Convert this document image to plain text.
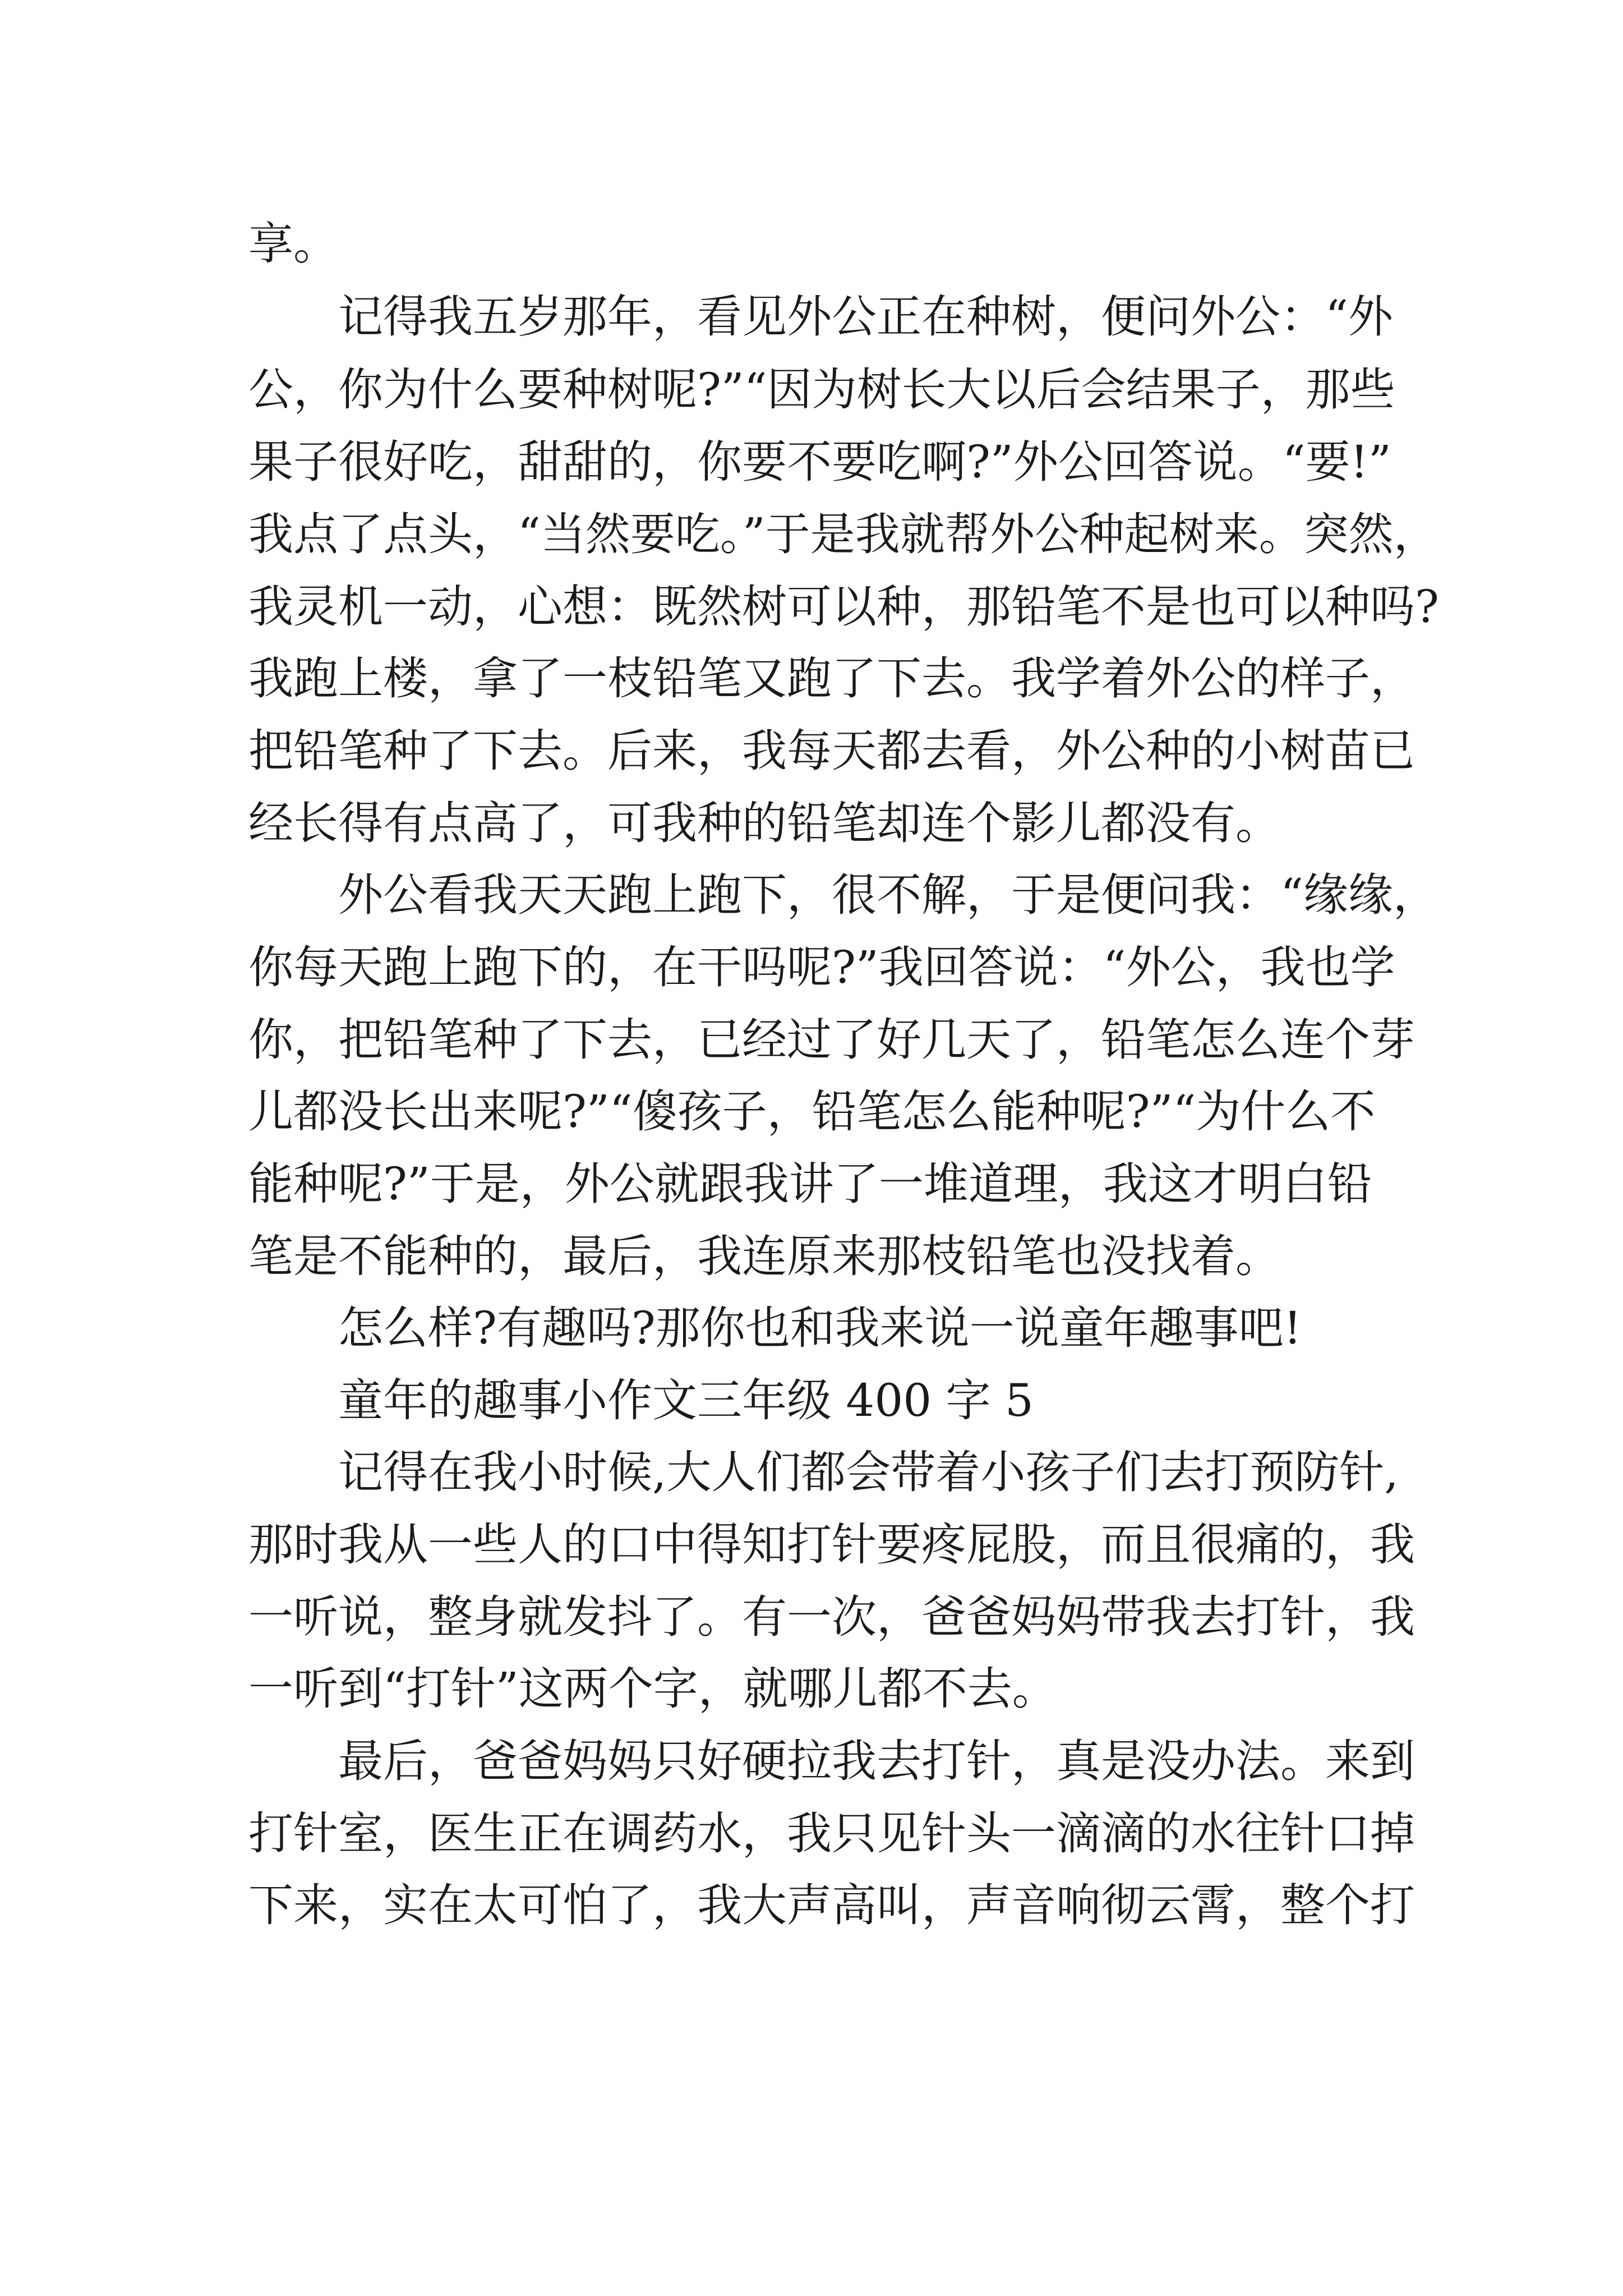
享。
记得我五岁那年，看见外公正在种树，便问外公：“外
公，你为什么要种树呢?”“因为树长大以后会结果子，那些
果子很好吃，甜甜的，你要不要吃啊?”外公回答说。“要!”
我点了点头，“当然要吃。”于是我就帮外公种起树来。突然，
我灵机一动，心想：既然树可以种，那铅笔不是也可以种吗?
我跑上楼，拿了一枝铅笔又跑了下去。我学着外公的样子，
把铅笔种了下去。后来，我每天都去看，外公种的小树苗已
经长得有点高了，可我种的铅笔却连个影儿都没有。
外公看我天天跑上跑下，很不解，于是便问我：“缘缘，
你每天跑上跑下的，在干吗呢?”我回答说：“外公，我也学
你，把铅笔种了下去，已经过了好几天了，铅笔怎么连个芽
儿都没长出来呢?”“傻孩子，铅笔怎么能种呢?”“为什么不
能种呢?”于是，外公就跟我讲了一堆道理，我这才明白铅
笔是不能种的，最后，我连原来那枝铅笔也没找着。
怎么样?有趣吗?那你也和我来说一说童年趣事吧!
童年的趣事小作文三年级 400 字 5
记得在我小时候,大人们都会带着小孩子们去打预防针,
那时我从一些人的口中得知打针要疼屁股，而且很痛的，我
一听说，整身就发抖了。有一次，爸爸妈妈带我去打针，我
一听到“打针”这两个字，就哪儿都不去。
最后，爸爸妈妈只好硬拉我去打针，真是没办法。来到
打针室，医生正在调药水，我只见针头一滴滴的水往针口掉
下来，实在太可怕了，我大声高叫，声音响彻云霄，整个打
